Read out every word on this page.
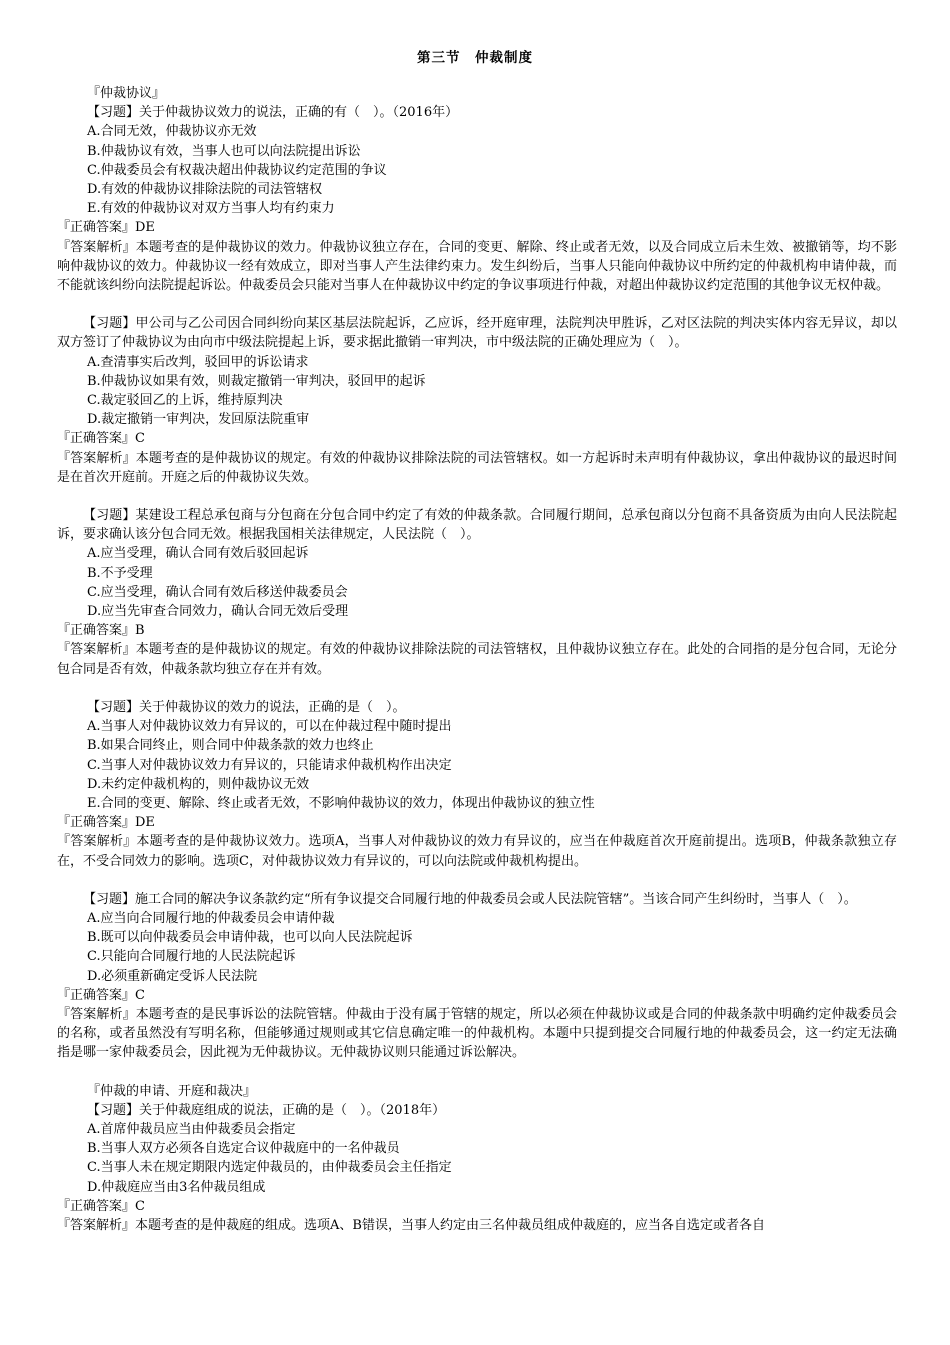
第三节　仲裁制度
『仲裁协议』
【习题】关于仲裁协议效力的说法，正确的有（　）。（2016年）
A.合同无效，仲裁协议亦无效
B.仲裁协议有效，当事人也可以向法院提出诉讼
C.仲裁委员会有权裁决超出仲裁协议约定范围的争议
D.有效的仲裁协议排除法院的司法管辖权
E.有效的仲裁协议对双方当事人均有约束力
『正确答案』DE
『答案解析』本题考查的是仲裁协议的效力。仲裁协议独立存在，合同的变更、解除、终止或者无效，以及合同成立后未生效、被撤销等，均不影响仲裁协议的效力。仲裁协议一经有效成立，即对当事人产生法律约束力。发生纠纷后，当事人只能向仲裁协议中所约定的仲裁机构申请仲裁，而不能就该纠纷向法院提起诉讼。仲裁委员会只能对当事人在仲裁协议中约定的争议事项进行仲裁，对超出仲裁协议约定范围的其他争议无权仲裁。
【习题】甲公司与乙公司因合同纠纷向某区基层法院起诉，乙应诉，经开庭审理，法院判决甲胜诉，乙对区法院的判决实体内容无异议，却以双方签订了仲裁协议为由向市中级法院提起上诉，要求据此撤销一审判决，市中级法院的正确处理应为（　）。
A.查清事实后改判，驳回甲的诉讼请求
B.仲裁协议如果有效，则裁定撤销一审判决，驳回甲的起诉
C.裁定驳回乙的上诉，维持原判决
D.裁定撤销一审判决，发回原法院重审
『正确答案』C
『答案解析』本题考查的是仲裁协议的规定。有效的仲裁协议排除法院的司法管辖权。如一方起诉时未声明有仲裁协议，拿出仲裁协议的最迟时间是在首次开庭前。开庭之后的仲裁协议失效。
【习题】某建设工程总承包商与分包商在分包合同中约定了有效的仲裁条款。合同履行期间，总承包商以分包商不具备资质为由向人民法院起诉，要求确认该分包合同无效。根据我国相关法律规定，人民法院（　）。
A.应当受理，确认合同有效后驳回起诉
B.不予受理
C.应当受理，确认合同有效后移送仲裁委员会
D.应当先审查合同效力，确认合同无效后受理
『正确答案』B
『答案解析』本题考查的是仲裁协议的规定。有效的仲裁协议排除法院的司法管辖权，且仲裁协议独立存在。此处的合同指的是分包合同，无论分包合同是否有效，仲裁条款均独立存在并有效。
【习题】关于仲裁协议的效力的说法，正确的是（　）。
A.当事人对仲裁协议效力有异议的，可以在仲裁过程中随时提出
B.如果合同终止，则合同中仲裁条款的效力也终止
C.当事人对仲裁协议效力有异议的，只能请求仲裁机构作出决定
D.未约定仲裁机构的，则仲裁协议无效
E.合同的变更、解除、终止或者无效，不影响仲裁协议的效力，体现出仲裁协议的独立性
『正确答案』DE
『答案解析』本题考查的是仲裁协议效力。选项A，当事人对仲裁协议的效力有异议的，应当在仲裁庭首次开庭前提出。选项B，仲裁条款独立存在，不受合同效力的影响。选项C，对仲裁协议效力有异议的，可以向法院或仲裁机构提出。
【习题】施工合同的解决争议条款约定“所有争议提交合同履行地的仲裁委员会或人民法院管辖”。当该合同产生纠纷时，当事人（　）。
A.应当向合同履行地的仲裁委员会申请仲裁
B.既可以向仲裁委员会申请仲裁，也可以向人民法院起诉
C.只能向合同履行地的人民法院起诉
D.必须重新确定受诉人民法院
『正确答案』C
『答案解析』本题考查的是民事诉讼的法院管辖。仲裁由于没有属于管辖的规定，所以必须在仲裁协议或是合同的仲裁条款中明确约定仲裁委员会的名称，或者虽然没有写明名称，但能够通过规则或其它信息确定唯一的仲裁机构。本题中只提到提交合同履行地的仲裁委员会，这一约定无法确指是哪一家仲裁委员会，因此视为无仲裁协议。无仲裁协议则只能通过诉讼解决。
『仲裁的申请、开庭和裁决』
【习题】关于仲裁庭组成的说法，正确的是（　）。（2018年）
A.首席仲裁员应当由仲裁委员会指定
B.当事人双方必须各自选定合议仲裁庭中的一名仲裁员
C.当事人未在规定期限内选定仲裁员的，由仲裁委员会主任指定
D.仲裁庭应当由3名仲裁员组成
『正确答案』C
『答案解析』本题考查的是仲裁庭的组成。选项A、B错误，当事人约定由三名仲裁员组成仲裁庭的，应当各自选定或者各自
